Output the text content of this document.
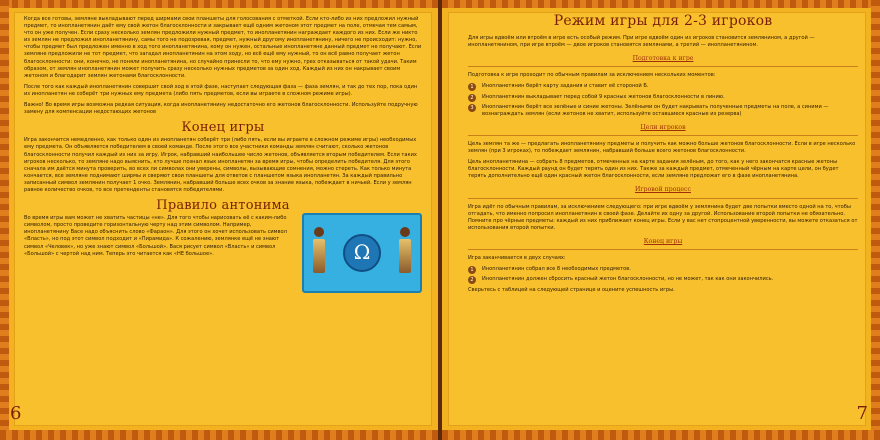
Когда все готовы, земляне выкладывают перед ширмами свои планшеты для голосования с отметкой. Если кто-либо из них предложил нужный предмет, то инопланетянин даёт ему свой жетон благосклонности и закрывает ещё одним жетоном этот предмет на поле, отмечая тем самым, что он уже получен. Если сразу несколько землян предложили нужный предмет, то инопланетянин награждает каждого из них. Если же никто из землян не предложил инопланетянину, самы того не подозревая, предмет, нужный другому инопланетянину, ничего не происходит: нужно, чтобы предмет был предложен именно в ход того инопланетянина, кому он нужен, остальные инопланетяне данный предмет не получают. Если земляне предложили не тот предмет, что загадал инопланетянин на этом ходу, но всё ещё ему нужный, то он всё равно получает жетон благосклонности: они, конечно, не поняли инопланетянина, но случайно принесли то, что ему нужно, грех отказываться от такой удачи. Таким образом, от землян инопланетянин может получить сразу несколько нужных предметов за один ход. Каждый из них он накрывает своим жетоном и благодарит землян жетонами благосклонности.

После того как каждый инопланетянин совершит свой ход в этой фазе, наступает следующая фаза — фаза землян, и так до тех пор, пока один из инопланетян не соберёт три нужных ему предмета (либо пять предметов, если вы играете в сложном режиме игры).

Важно! Во время игры возможна редкая ситуация, когда инопланетянину недостаточно его жетонов благосклонности. Используйте подручную замену для компенсации недостающих жетонов

Конец игры

Игра закончится немедленно, как только один из инопланетян соберёт три (либо пять, если вы играете в сложном режиме игры) необходимых ему предмета. Он объявляется победителем в своей команде. После этого все участники команды землян считают, сколько жетонов благосклонности получил каждый из них за игру. Игрок, набравший наибольшее число жетонов, объявляется вторым победителем. Если таких игроков несколько, то земляне надо выяснить, кто лучше познал язык инопланетян за время игры, чтобы определить победителя. Для этого сначала им даётся минута проверить, во всех ли символах они уверены, символы, вызывающие сомнения, можно стереть. Как только минута кончается, все земляне поднимают ширмы и сверяют свои планшеты для ответов с планшетом языка инопланетян. За каждый правильно записанный символ землянин получает 1 очко. Землянин, набравший больше всех очков за знание языка, побеждает в ничьей. Если у землян равное количество очков, то все претенденты становятся победителями.

Правило антонима

Во время игры вам может не хватить частицы «не». Для того чтобы нарисовать её с каким-либо символом, просто проведите горизонтальную черту над этим символом. Например, инопланетянину Васе надо объяснить слово «Фараон». Для этого он хочет использовать символ «Власть», но под этот символ подходит и «Пирамида». К сожалению, землянке ещё не знают символ «Человек», но уже знают символ «Большой». Вася рисует символ «Власть» и символ «Большой» с чертой над ним. Теперь это читается как «НЕ большое».	Ω
6
Режим игры для 2-3 игроков

Для игры вдвоём или втроём в игре есть особый режим. При игре вдвоём один из игроков становится землянином, а другой — инопланетянином, при игре втроём — двое игроков становятся землянами, а третий — инопланетянином.

Подготовка к игре

Подготовка к игре проходит по обычным правилам за исключением нескольких моментов:

1	Инопланетянин берёт карту задания и ставит её стороной Б.
2	Инопланетянин выкладывает перед собой 9 красных жетонов благосклонности в линию.
3	Инопланетянин берёт все зелёные и синие жетоны. Зелёными он будет накрывать полученные предметы на поле, а синими — вознаграждать землян (если жетонов не хватит, используйте оставшиеся красные из резерва)
Цели игроков

Цель землян та же — предлагать инопланетянину предметы и получить как можно больше жетонов благосклонности. Если в игре несколько землян (при 3 игроках), то побеждает землянин, набравший больше всего жетонов благосклонности.

Цель инопланетянина — собрать 8 предметов, отмеченных на карте задания зелёным, до того, как у него закончатся красные жетоны благосклонности. Каждый раунд он будет терять один из них. Также за каждый предмет, отмеченный чёрным на карте цели, он будет терять дополнительно ещё один красный жетон благосклонности, если земляне предложат его в фазе инопланетянина.

Игровой процесс

Игра идёт по обычным правилам, за исключением следующего: при игре вдвоём у землянина будет две попытки вместо одной на то, чтобы отгадать, что именно попросил инопланетянин в своей фазе. Делайте их одну за другой. Использование второй попытки не обязательно. Помните про чёрные предметы: каждый из них приближает конец игры. Если у вас нет стопроцентной уверенности, вы можете отказаться от использования второй попытки.

Конец игры

Игра заканчивается в двух случаях:

1	Инопланетянин собрал все 8 необходимых предметов.
2	Инопланетянин должен сбросить красный жетон благосклонности, но не может, так как они закончились.

Сверьтесь с таблицей на следующей странице и оцените успешность игры.

7
